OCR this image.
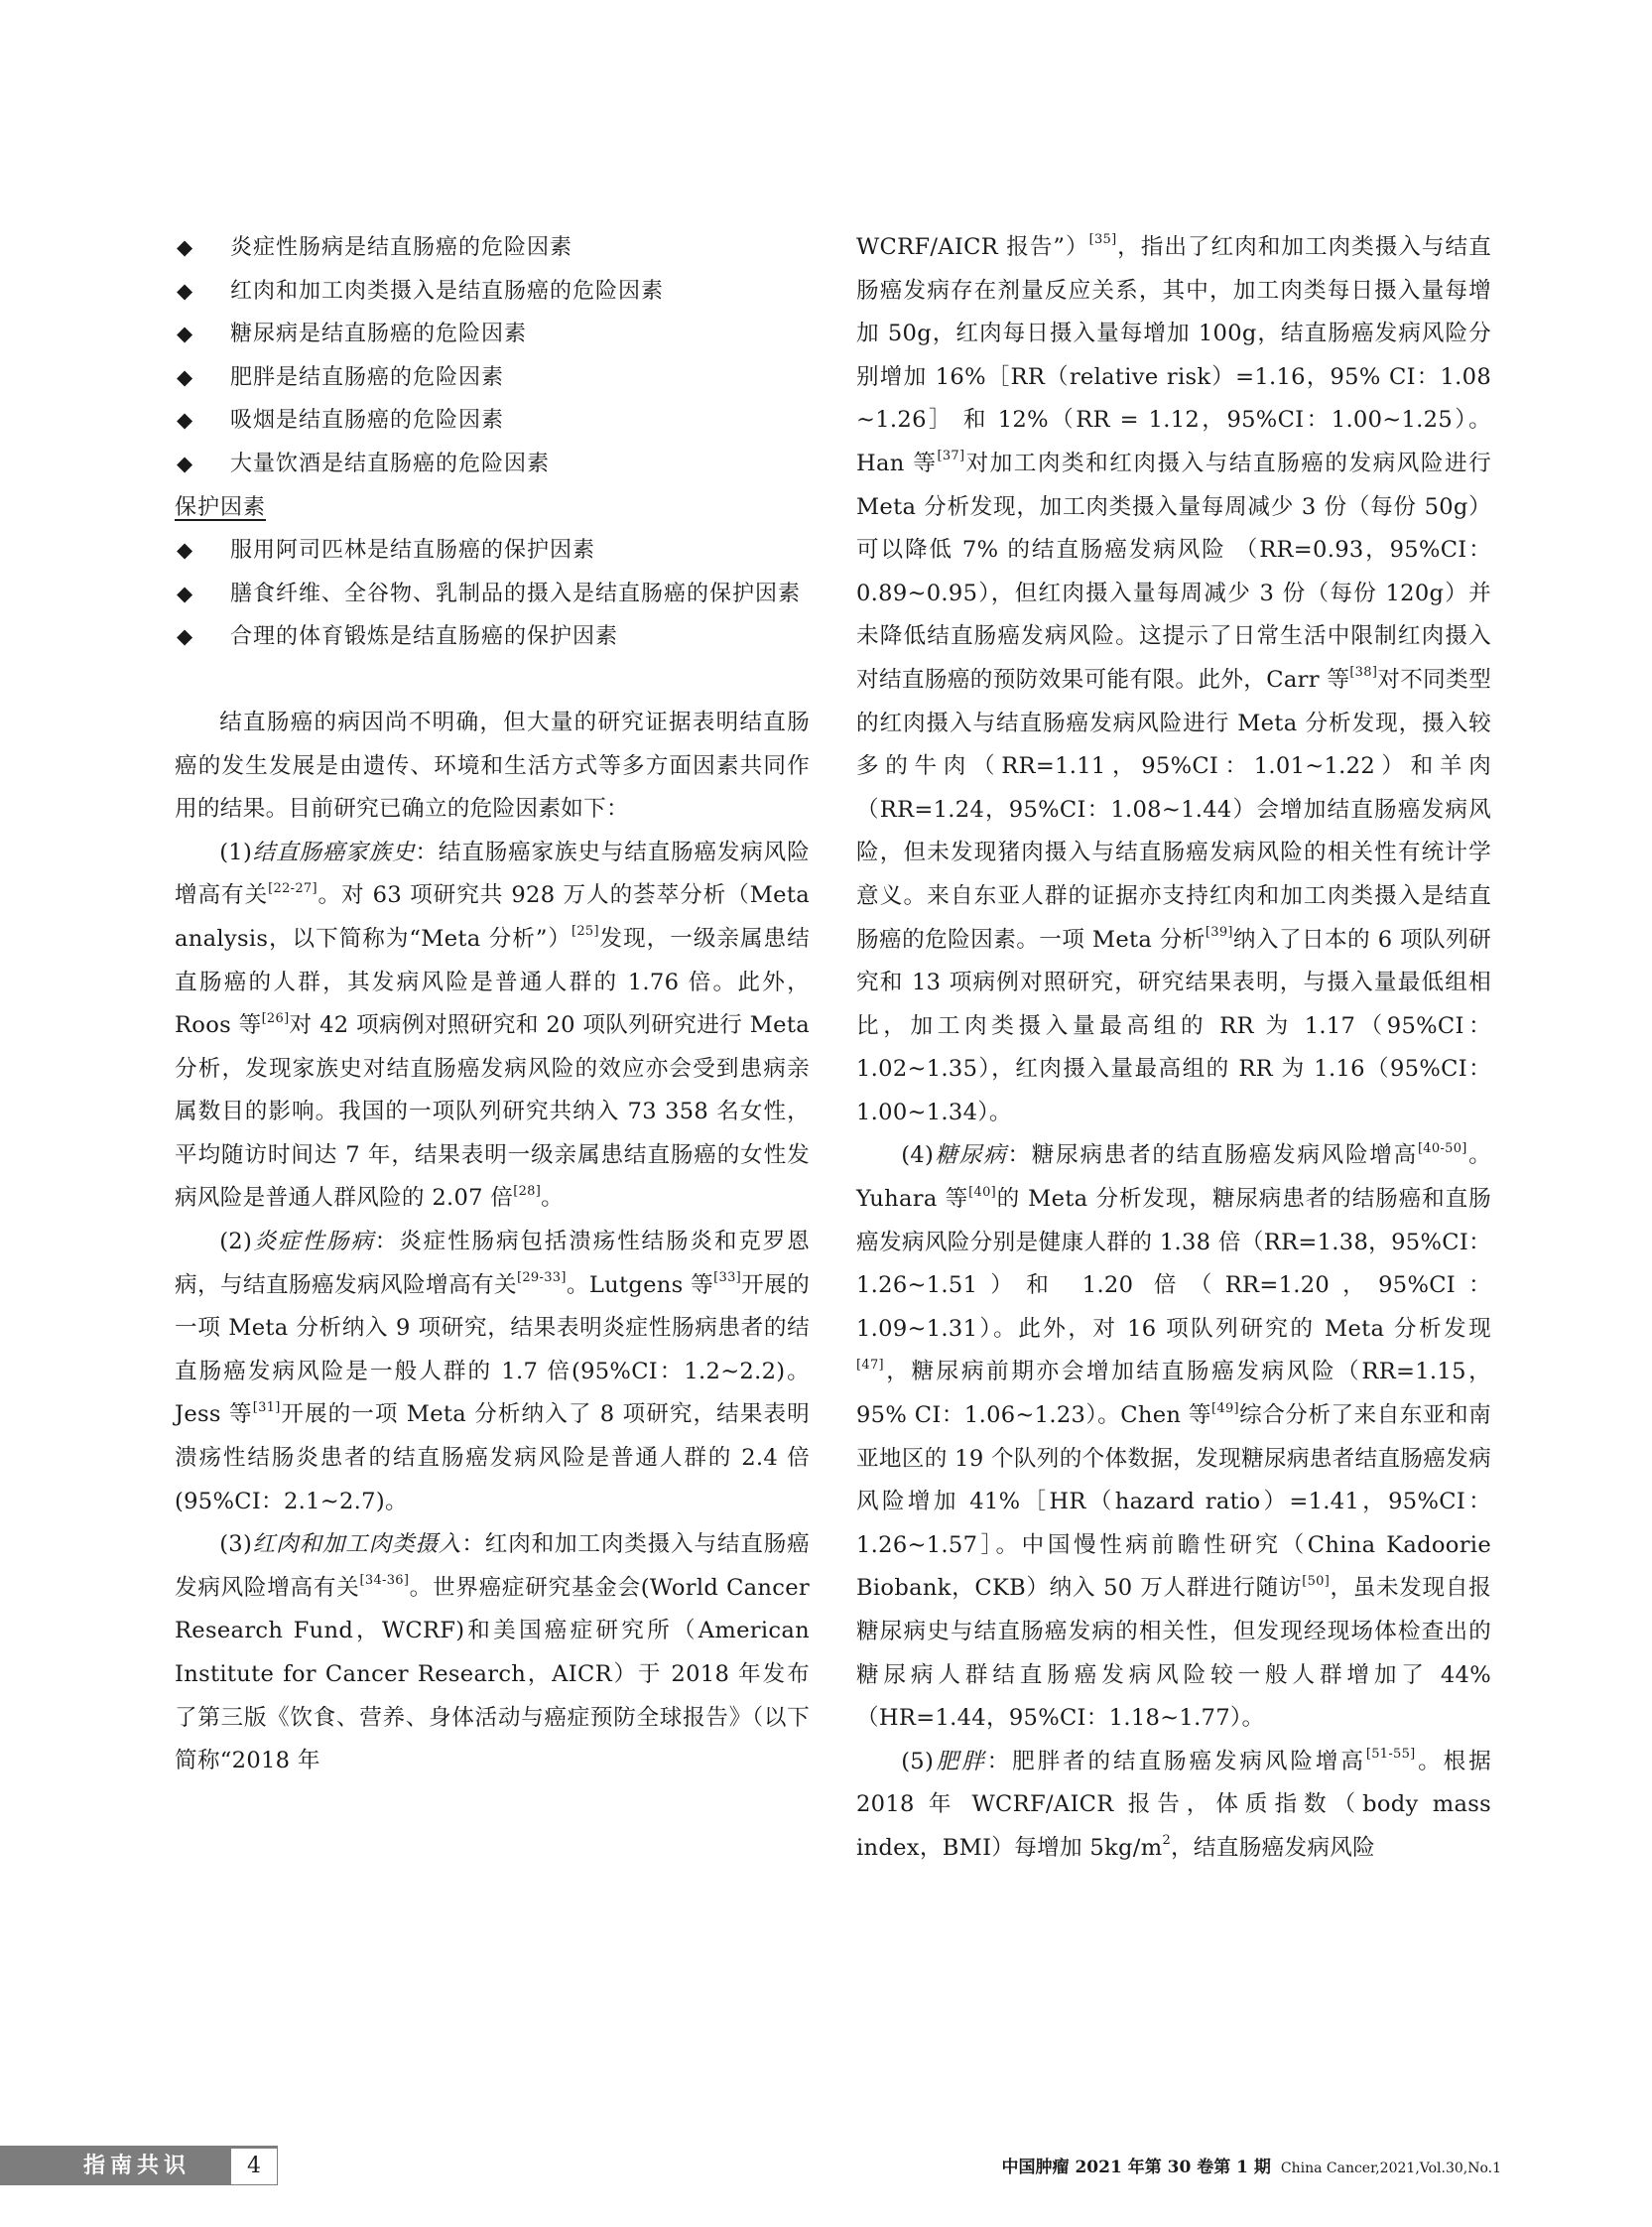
◆ 炎症性肠病是结直肠癌的危险因素
◆ 红肉和加工肉类摄入是结直肠癌的危险因素
◆ 糖尿病是结直肠癌的危险因素
◆ 肥胖是结直肠癌的危险因素
◆ 吸烟是结直肠癌的危险因素
◆ 大量饮酒是结直肠癌的危险因素
保护因素
◆ 服用阿司匹林是结直肠癌的保护因素
◆ 膳食纤维、全谷物、乳制品的摄入是结直肠癌的保护因素
◆ 合理的体育锻炼是结直肠癌的保护因素

结直肠癌的病因尚不明确，但大量的研究证据表明结直肠癌的发生发展是由遗传、环境和生活方式等多方面因素共同作用的结果。目前研究已确立的危险因素如下：

(1)结直肠癌家族史：结直肠癌家族史与结直肠癌发病风险增高有关[22-27]。对 63 项研究共 928 万人的荟萃分析（Meta analysis，以下简称为“Meta 分析”）[25]发现，一级亲属患结直肠癌的人群，其发病风险是普通人群的 1.76 倍。此外，Roos 等[26]对 42 项病例对照研究和 20 项队列研究进行 Meta 分析，发现家族史对结直肠癌发病风险的效应亦会受到患病亲属数目的影响。我国的一项队列研究共纳入 73 358 名女性，平均随访时间达 7 年，结果表明一级亲属患结直肠癌的女性发病风险是普通人群风险的 2.07 倍[28]。

(2)炎症性肠病：炎症性肠病包括溃疡性结肠炎和克罗恩病，与结直肠癌发病风险增高有关[29-33]。Lutgens 等[33]开展的一项 Meta 分析纳入 9 项研究，结果表明炎症性肠病患者的结直肠癌发病风险是一般人群的 1.7 倍(95%CI：1.2~2.2)。Jess 等[31]开展的一项 Meta 分析纳入了 8 项研究，结果表明溃疡性结肠炎患者的结直肠癌发病风险是普通人群的 2.4 倍(95%CI：2.1~2.7)。

(3)红肉和加工肉类摄入：红肉和加工肉类摄入与结直肠癌发病风险增高有关[34-36]。世界癌症研究基金会(World Cancer Research Fund，WCRF)和美国癌症研究所（American Institute for Cancer Research，AICR）于 2018 年发布了第三版《饮食、营养、身体活动与癌症预防全球报告》（以下简称“2018 年

WCRF/AICR 报告”）[35]，指出了红肉和加工肉类摄入与结直肠癌发病存在剂量反应关系，其中，加工肉类每日摄入量每增加 50g，红肉每日摄入量每增加 100g，结直肠癌发病风险分别增加 16%［RR（relative risk）=1.16，95% CI：1.08 ~1.26］ 和 12%（RR = 1.12，95%CI：1.00~1.25）。Han 等[37]对加工肉类和红肉摄入与结直肠癌的发病风险进行 Meta 分析发现，加工肉类摄入量每周减少 3 份（每份 50g）可以降低 7% 的结直肠癌发病风险 （RR=0.93，95%CI：0.89~0.95），但红肉摄入量每周减少 3 份（每份 120g）并未降低结直肠癌发病风险。这提示了日常生活中限制红肉摄入对结直肠癌的预防效果可能有限。此外，Carr 等[38]对不同类型的红肉摄入与结直肠癌发病风险进行 Meta 分析发现，摄入较多的牛肉（RR=1.11，95%CI：1.01~1.22）和羊肉（RR=1.24，95%CI：1.08~1.44）会增加结直肠癌发病风险，但未发现猪肉摄入与结直肠癌发病风险的相关性有统计学意义。来自东亚人群的证据亦支持红肉和加工肉类摄入是结直肠癌的危险因素。一项 Meta 分析[39]纳入了日本的 6 项队列研究和 13 项病例对照研究，研究结果表明，与摄入量最低组相比，加工肉类摄入量最高组的 RR 为 1.17（95%CI：1.02~1.35），红肉摄入量最高组的 RR 为 1.16（95%CI：1.00~1.34）。

(4)糖尿病：糖尿病患者的结直肠癌发病风险增高[40-50]。Yuhara 等[40]的 Meta 分析发现，糖尿病患者的结肠癌和直肠癌发病风险分别是健康人群的 1.38 倍（RR=1.38，95%CI：1.26~1.51）和 1.20 倍（RR=1.20，95%CI：1.09~1.31）。此外，对 16 项队列研究的 Meta 分析发现[47]，糖尿病前期亦会增加结直肠癌发病风险（RR=1.15，95% CI：1.06~1.23）。Chen 等[49]综合分析了来自东亚和南亚地区的 19 个队列的个体数据，发现糖尿病患者结直肠癌发病风险增加 41%［HR（hazard ratio）=1.41，95%CI：1.26~1.57］。中国慢性病前瞻性研究（China Kadoorie Biobank，CKB）纳入 50 万人群进行随访[50]，虽未发现自报糖尿病史与结直肠癌发病的相关性，但发现经现场体检查出的糖尿病人群结直肠癌发病风险较一般人群增加了 44%（HR=1.44，95%CI：1.18~1.77）。

(5)肥胖：肥胖者的结直肠癌发病风险增高[51-55]。根据 2018 年 WCRF/AICR 报告，体质指数（body mass index，BMI）每增加 $5kg/m^2$，结直肠癌发病风险

指南共识	4	中国肿瘤 2021 年第 30 卷第 1 期 China Cancer,2021,Vol.30,No.1
